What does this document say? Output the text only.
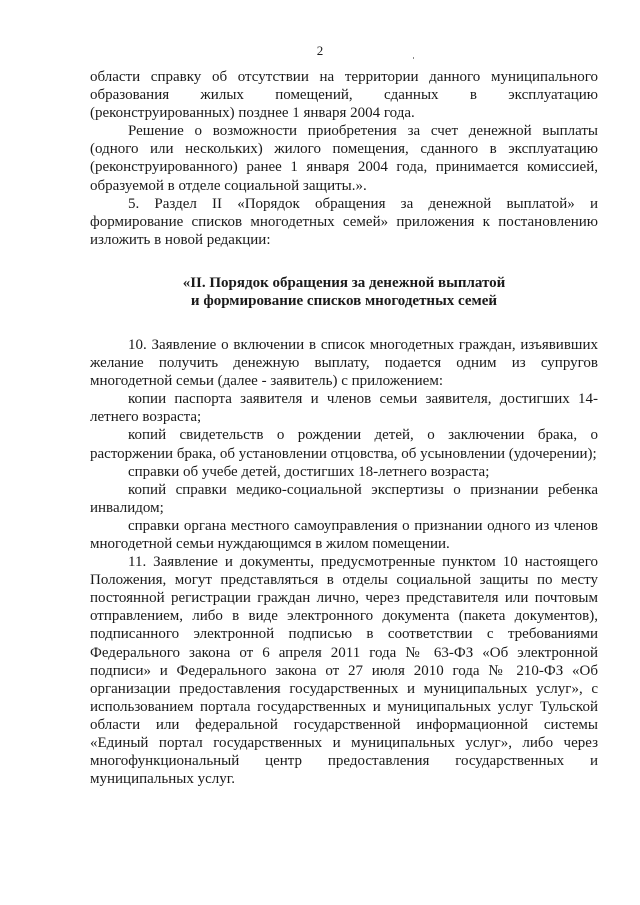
2

области справку об отсутствии на территории данного муниципального образования жилых помещений, сданных в эксплуатацию (реконструированных) позднее 1 января 2004 года.

Решение о возможности приобретения за счет денежной выплаты (одного или нескольких) жилого помещения, сданного в эксплуатацию (реконструированного) ранее 1 января 2004 года, принимается комиссией, образуемой в отделе социальной защиты.».

5. Раздел II «Порядок обращения за денежной выплатой» и формирование списков многодетных семей» приложения к постановлению изложить в новой редакции:

«II. Порядок обращения за денежной выплатой
и формирование списков многодетных семей

10. Заявление о включении в список многодетных граждан, изъявивших желание получить денежную выплату, подается одним из супругов многодетной семьи (далее - заявитель) с приложением:

копии паспорта заявителя и членов семьи заявителя, достигших 14-летнего возраста;

копий свидетельств о рождении детей, о заключении брака, о расторжении брака, об установлении отцовства, об усыновлении (удочерении);

справки об учебе детей, достигших 18-летнего возраста;

копий справки медико-социальной экспертизы о признании ребенка инвалидом;

справки органа местного самоуправления о признании одного из членов многодетной семьи нуждающимся в жилом помещении.

11. Заявление и документы, предусмотренные пунктом 10 настоящего Положения, могут представляться в отделы социальной защиты по месту постоянной регистрации граждан лично, через представителя или почтовым отправлением, либо в виде электронного документа (пакета документов), подписанного электронной подписью в соответствии с требованиями Федерального закона от 6 апреля 2011 года № 63-ФЗ «Об электронной подписи» и Федерального закона от 27 июля 2010 года № 210-ФЗ «Об организации предоставления государственных и муниципальных услуг», с использованием портала государственных и муниципальных услуг Тульской области или федеральной государственной информационной системы «Единый портал государственных и муниципальных услуг», либо через многофункциональный центр предоставления государственных и муниципальных услуг.
